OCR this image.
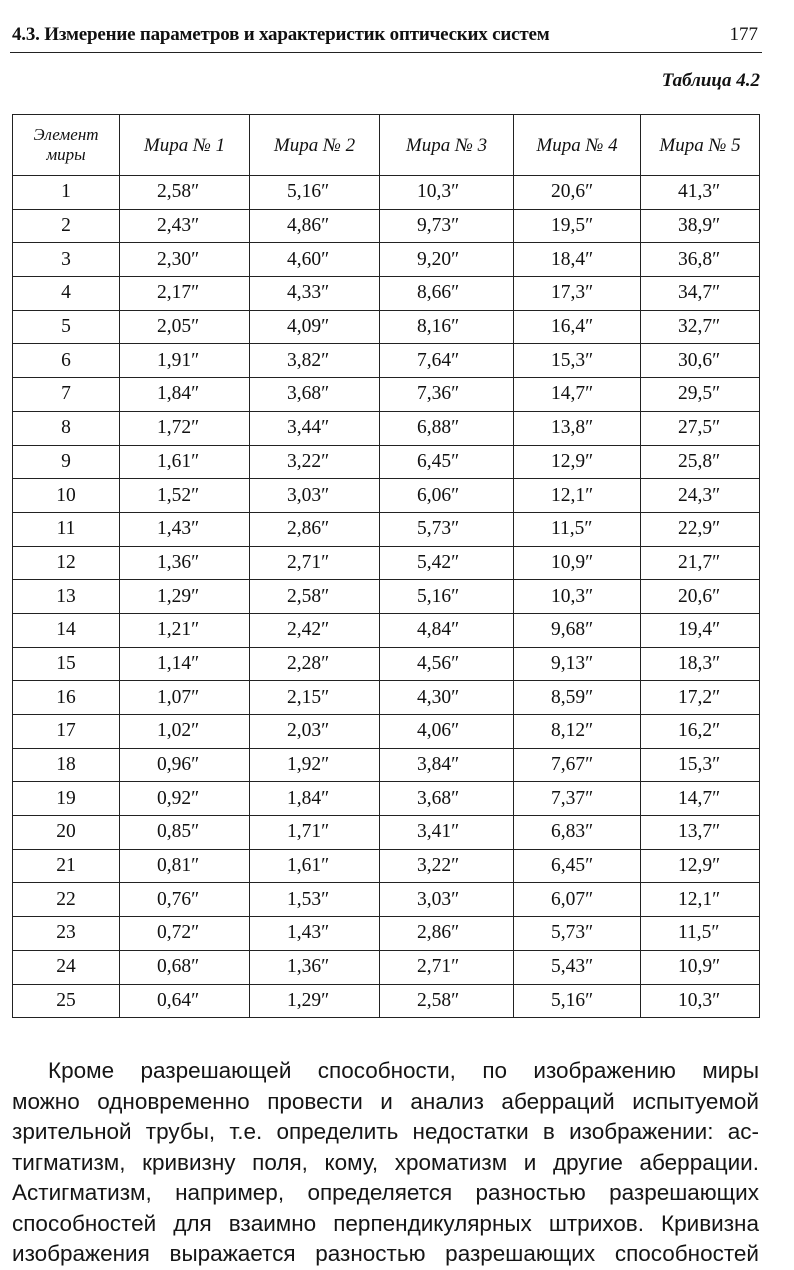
4.3. Измерение параметров и характеристик оптических систем	177
Таблица 4.2
Элемент миры	Мира № 1	Мира № 2	Мира № 3	Мира № 4	Мира № 5
1	2,58″	5,16″	10,3″	20,6″	41,3″
2	2,43″	4,86″	9,73″	19,5″	38,9″
3	2,30″	4,60″	9,20″	18,4″	36,8″
4	2,17″	4,33″	8,66″	17,3″	34,7″
5	2,05″	4,09″	8,16″	16,4″	32,7″
6	1,91″	3,82″	7,64″	15,3″	30,6″
7	1,84″	3,68″	7,36″	14,7″	29,5″
8	1,72″	3,44″	6,88″	13,8″	27,5″
9	1,61″	3,22″	6,45″	12,9″	25,8″
10	1,52″	3,03″	6,06″	12,1″	24,3″
11	1,43″	2,86″	5,73″	11,5″	22,9″
12	1,36″	2,71″	5,42″	10,9″	21,7″
13	1,29″	2,58″	5,16″	10,3″	20,6″
14	1,21″	2,42″	4,84″	9,68″	19,4″
15	1,14″	2,28″	4,56″	9,13″	18,3″
16	1,07″	2,15″	4,30″	8,59″	17,2″
17	1,02″	2,03″	4,06″	8,12″	16,2″
18	0,96″	1,92″	3,84″	7,67″	15,3″
19	0,92″	1,84″	3,68″	7,37″	14,7″
20	0,85″	1,71″	3,41″	6,83″	13,7″
21	0,81″	1,61″	3,22″	6,45″	12,9″
22	0,76″	1,53″	3,03″	6,07″	12,1″
23	0,72″	1,43″	2,86″	5,73″	11,5″
24	0,68″	1,36″	2,71″	5,43″	10,9″
25	0,64″	1,29″	2,58″	5,16″	10,3″
Кроме разрешающей способности, по изображению миры
можно одновременно провести и анализ аберраций испытуемой
зрительной трубы, т.е. определить недостатки в изображении: ас-
тигматизм, кривизну поля, кому, хроматизм и другие аберрации.
Астигматизм, например, определяется разностью разрешающих
способностей для взаимно перпендикулярных штрихов. Кривизна
изображения выражается разностью разрешающих способностей
